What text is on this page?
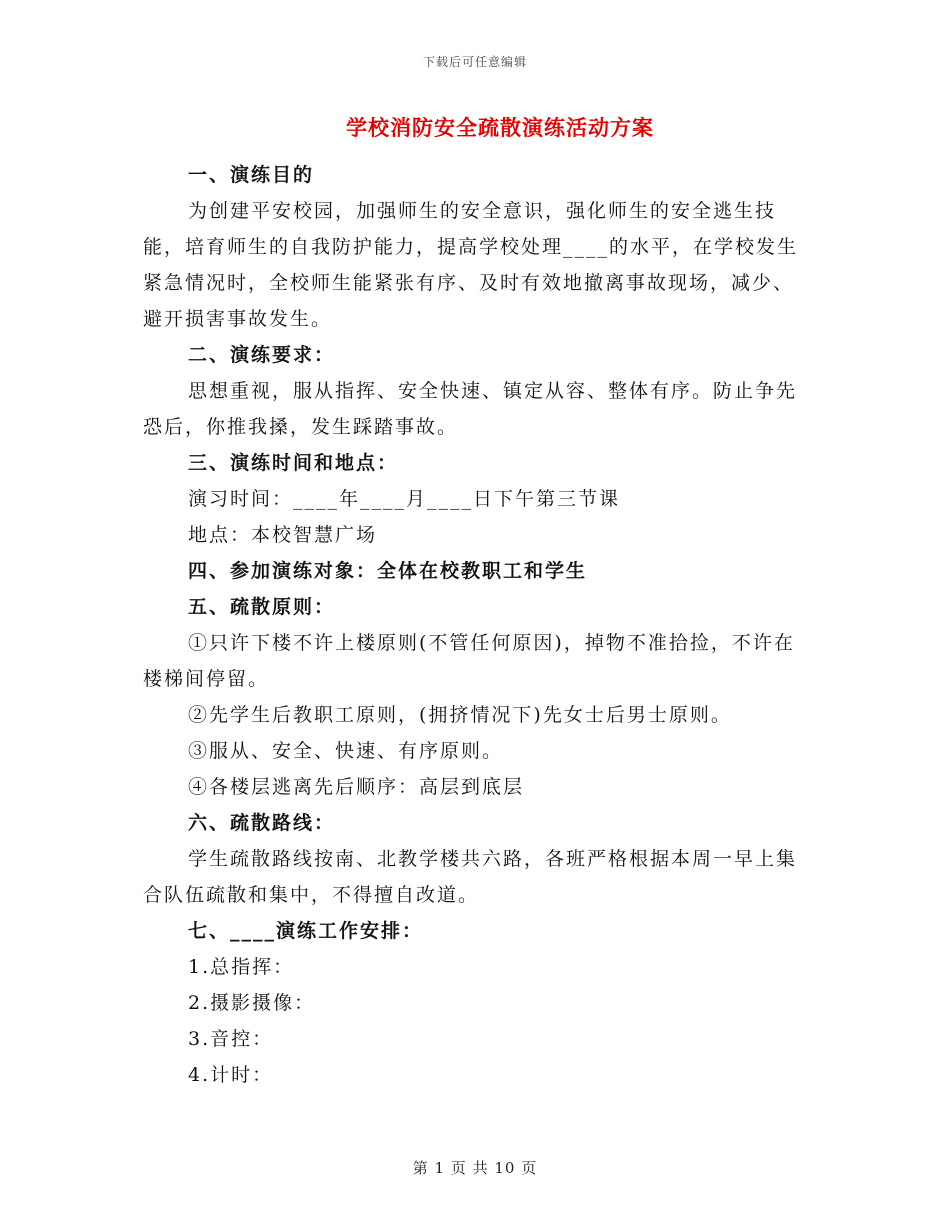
下载后可任意编辑
学校消防安全疏散演练活动方案

一、演练目的

为创建平安校园，加强师生的安全意识，强化师生的安全逃生技能，培育师生的自我防护能力，提高学校处理____的水平，在学校发生紧急情况时，全校师生能紧张有序、及时有效地撤离事故现场，减少、避开损害事故发生。

二、演练要求：

思想重视，服从指挥、安全快速、镇定从容、整体有序。防止争先恐后，你推我搡，发生踩踏事故。

三、演练时间和地点：

演习时间：____年____月____日下午第三节课

地点：本校智慧广场

四、参加演练对象：全体在校教职工和学生

五、疏散原则：

①只许下楼不许上楼原则(不管任何原因)，掉物不准拾捡，不许在楼梯间停留。

②先学生后教职工原则，(拥挤情况下)先女士后男士原则。

③服从、安全、快速、有序原则。

④各楼层逃离先后顺序：高层到底层

六、疏散路线：

学生疏散路线按南、北教学楼共六路，各班严格根据本周一早上集合队伍疏散和集中，不得擅自改道。

七、____演练工作安排：

1.总指挥：

2.摄影摄像：

3.音控：

4.计时：

第 1 页 共 10 页
